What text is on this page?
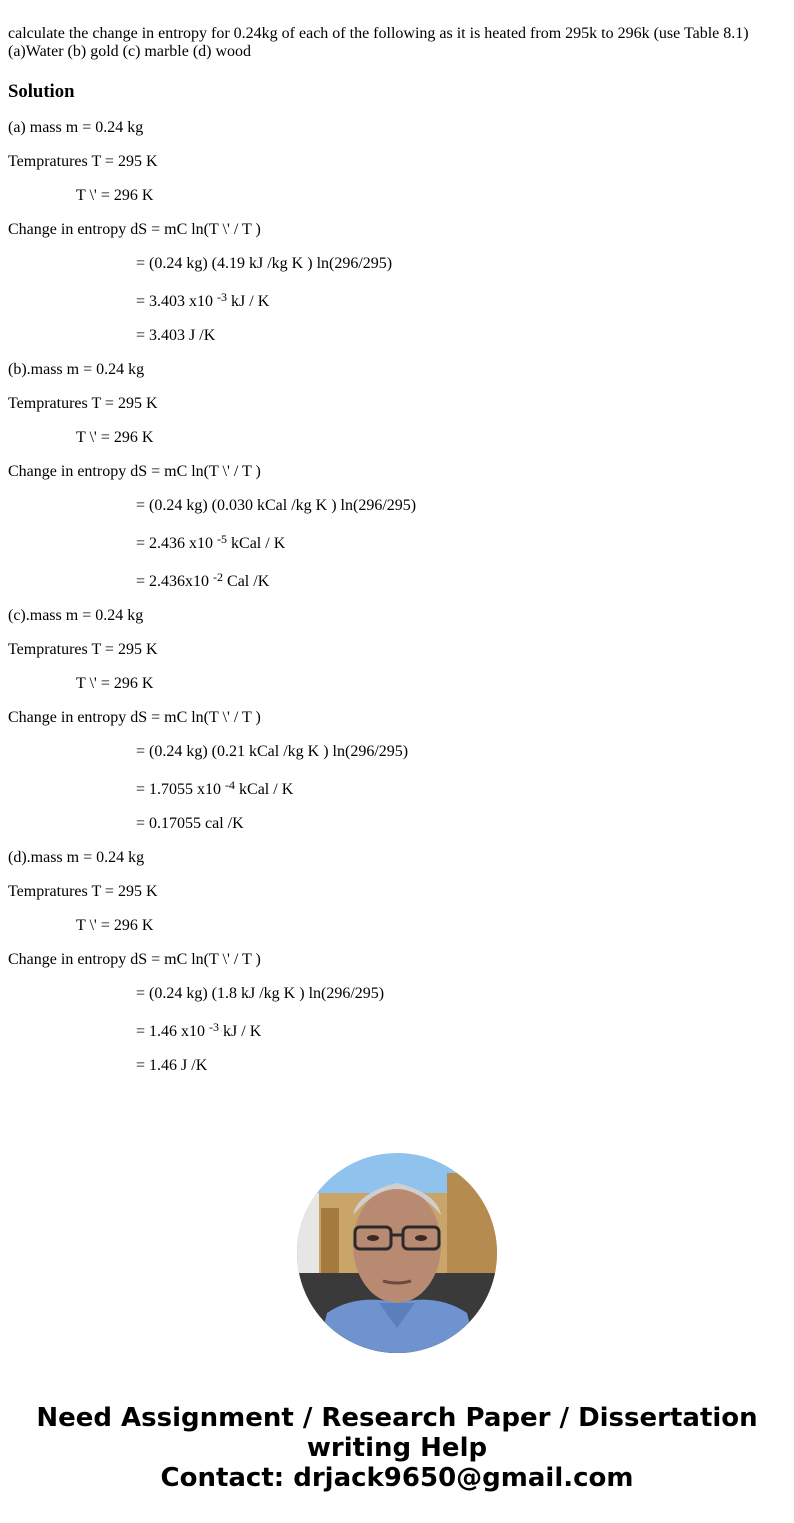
calculate the change in entropy for 0.24kg of each of the following as it is heated from 295k to 296k (use Table 8.1)
(a)Water (b) gold (c) marble (d) wood

Solution

(a) mass m = 0.24 kg

Tempratures T = 295 K

T \' = 296 K

Change in entropy dS = mC ln(T \' / T )

= (0.24 kg) (4.19 kJ /kg K ) ln(296/295)

= 3.403 x10 $^{-3}$ kJ / K

= 3.403 J /K

(b).mass m = 0.24 kg

Tempratures T = 295 K

T \' = 296 K

Change in entropy dS = mC ln(T \' / T )

= (0.24 kg) (0.030 kCal /kg K ) ln(296/295)

= 2.436 x10 $^{-5}$ kCal / K

= 2.436x10 $^{-2}$ Cal /K

(c).mass m = 0.24 kg

Tempratures T = 295 K

T \' = 296 K

Change in entropy dS = mC ln(T \' / T )

= (0.24 kg) (0.21 kCal /kg K ) ln(296/295)

= 1.7055 x10 $^{-4}$ kCal / K

= 0.17055 cal /K

(d).mass m = 0.24 kg

Tempratures T = 295 K

T \' = 296 K

Change in entropy dS = mC ln(T \' / T )

= (0.24 kg) (1.8 kJ /kg K ) ln(296/295)

= 1.46 x10 $^{-3}$ kJ / K

= 1.46 J /K

Need Assignment / Research Paper / Dissertation
writing Help
Contact: drjack9650@gmail.com
